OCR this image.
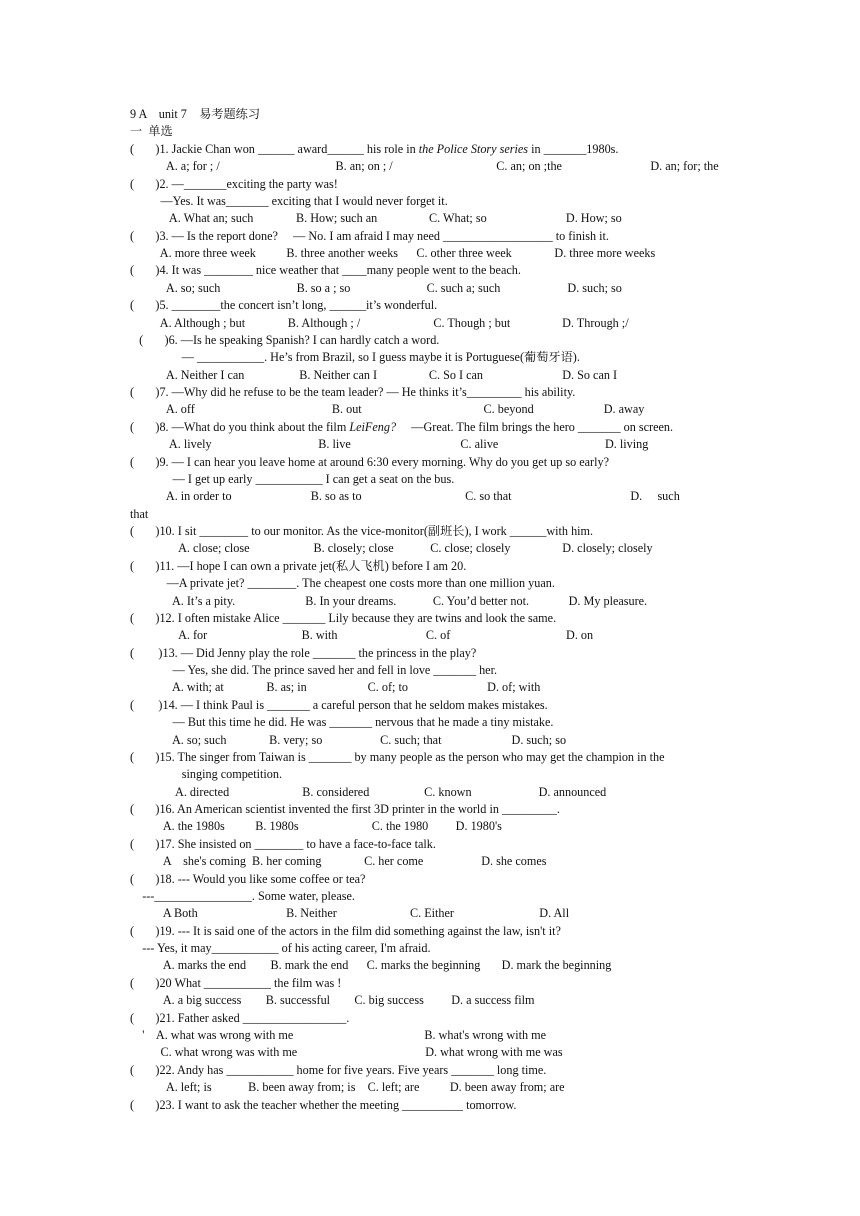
9 A    unit 7    易考题练习
一  单选
(       )1. Jackie Chan won ______ award______ his role in the Police Story series in _______1980s.
A. a; for ; /                                      B. an; on ; /                                  C. an; on ;the                             D. an; for; the
(       )2. —_______exciting the party was!
—Yes. It was_______ exciting that I would never forget it.
A. What an; such              B. How; such an                 C. What; so                          D. How; so
(       )3. — Is the report done?     — No. I am afraid I may need __________________ to finish it.
A. more three week          B. three another weeks      C. other three week              D. three more weeks
(       )4. It was ________ nice weather that ____many people went to the beach.
A. so; such                         B. so a ; so                         C. such a; such                      D. such; so
(       )5. ________the concert isn’t long, ______it’s wonderful.
A. Although ; but              B. Although ; /                        C. Though ; but                 D. Through ;/
(       )6. —Is he speaking Spanish? I can hardly catch a word.
— ___________. He’s from Brazil, so I guess maybe it is Portuguese(葡萄牙语).
A. Neither I can                  B. Neither can I                 C. So I can                          D. So can I
(       )7. —Why did he refuse to be the team leader? — He thinks it’s_________ his ability.
A. off                                             B. out                                        C. beyond                       D. away
(       )8. —What do you think about the film LeiFeng?     —Great. The film brings the hero _______ on screen.
A. lively                                   B. live                                    C. alive                                   D. living
(       )9. — I can hear you leave home at around 6:30 every morning. Why do you get up so early?
— I get up early ___________ I can get a seat on the bus.
A. in order to                          B. so as to                                  C. so that                                       D.     such
that
(       )10. I sit ________ to our monitor. As the vice-monitor(副班长), I work ______with him.
A. close; close                     B. closely; close            C. close; closely                 D. closely; closely
(       )11. —I hope I can own a private jet(私人飞机) before I am 20.
—A private jet? ________. The cheapest one costs more than one million yuan.
A. It’s a pity.                       B. In your dreams.            C. You’d better not.             D. My pleasure.
(       )12. I often mistake Alice _______ Lily because they are twins and look the same.
A. for                               B. with                             C. of                                      D. on
(        )13. — Did Jenny play the role _______ the princess in the play?
— Yes, she did. The prince saved her and fell in love _______ her.
A. with; at              B. as; in                    C. of; to                          D. of; with
(        )14. — I think Paul is _______ a careful person that he seldom makes mistakes.
— But this time he did. He was _______ nervous that he made a tiny mistake.
A. so; such              B. very; so                   C. such; that                       D. such; so
(       )15. The singer from Taiwan is _______ by many people as the person who may get the champion in the
singing competition.
A. directed                        B. considered                  C. known                      D. announced
(       )16. An American scientist invented the first 3D printer in the world in _________.
A. the 1980s          B. 1980s                        C. the 1980         D. 1980's
(       )17. She insisted on ________ to have a face-to-face talk.
A    she's coming  B. her coming              C. her come                   D. she comes
(       )18. --- Would you like some coffee or tea?
---________________. Some water, please.
A Both                             B. Neither                        C. Either                            D. All
(       )19. --- It is said one of the actors in the film did something against the law, isn't it?
--- Yes, it may___________ of his acting career, I'm afraid.
A. marks the end        B. mark the end      C. marks the beginning       D. mark the beginning
(       )20 What ___________ the film was !
A. a big success        B. successful        C. big success         D. a success film
(       )21. Father asked _________________.
'    A. what was wrong with me                                           B. what's wrong with me
C. what wrong was with me                                          D. what wrong with me was
(       )22. Andy has ___________ home for five years. Five years _______ long time.
A. left; is            B. been away from; is    C. left; are          D. been away from; are
(       )23. I want to ask the teacher whether the meeting __________ tomorrow.
